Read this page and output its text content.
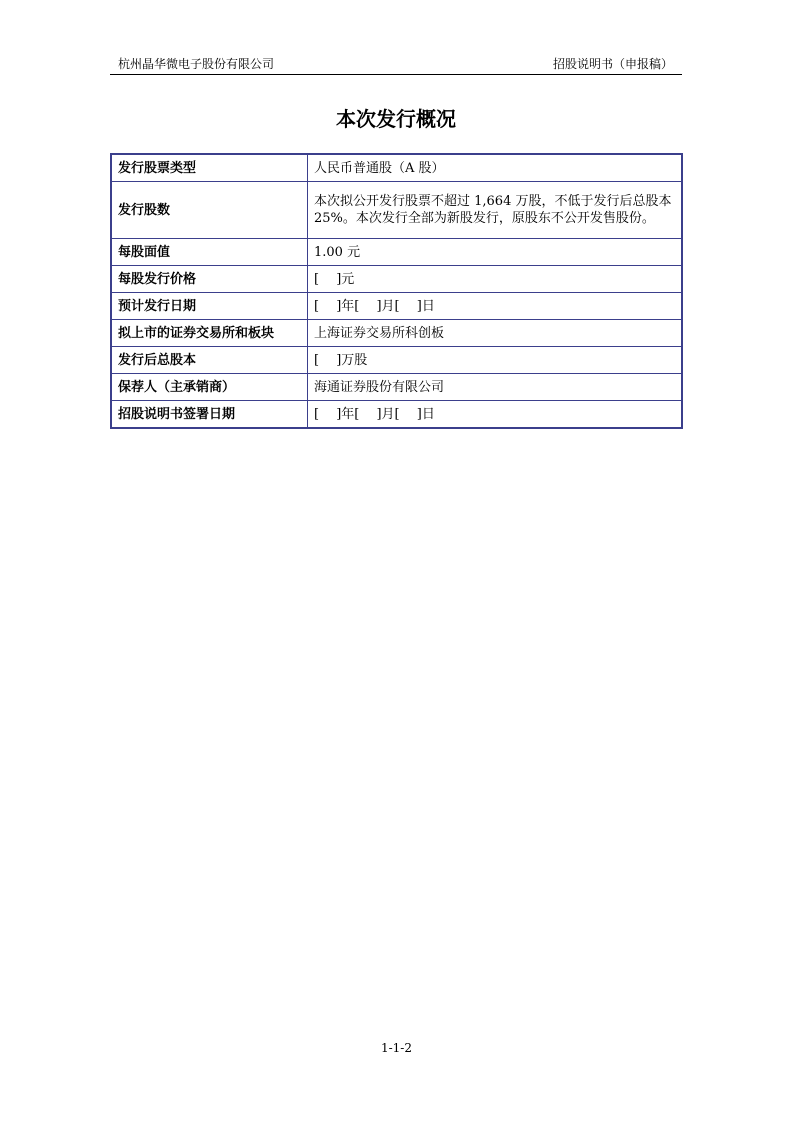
杭州晶华微电子股份有限公司	招股说明书（申报稿）
本次发行概况
发行股票类型	人民币普通股（A 股）
发行股数	本次拟公开发行股票不超过 1,664 万股，不低于发行后总股本 25%。本次发行全部为新股发行，原股东不公开发售股份。
每股面值	1.00 元
每股发行价格	[　 ]元
预计发行日期	[　 ]年[　 ]月[　 ]日
拟上市的证券交易所和板块	上海证券交易所科创板
发行后总股本	[　 ]万股
保荐人（主承销商）	海通证券股份有限公司
招股说明书签署日期	[　 ]年[　 ]月[　 ]日
1-1-2
